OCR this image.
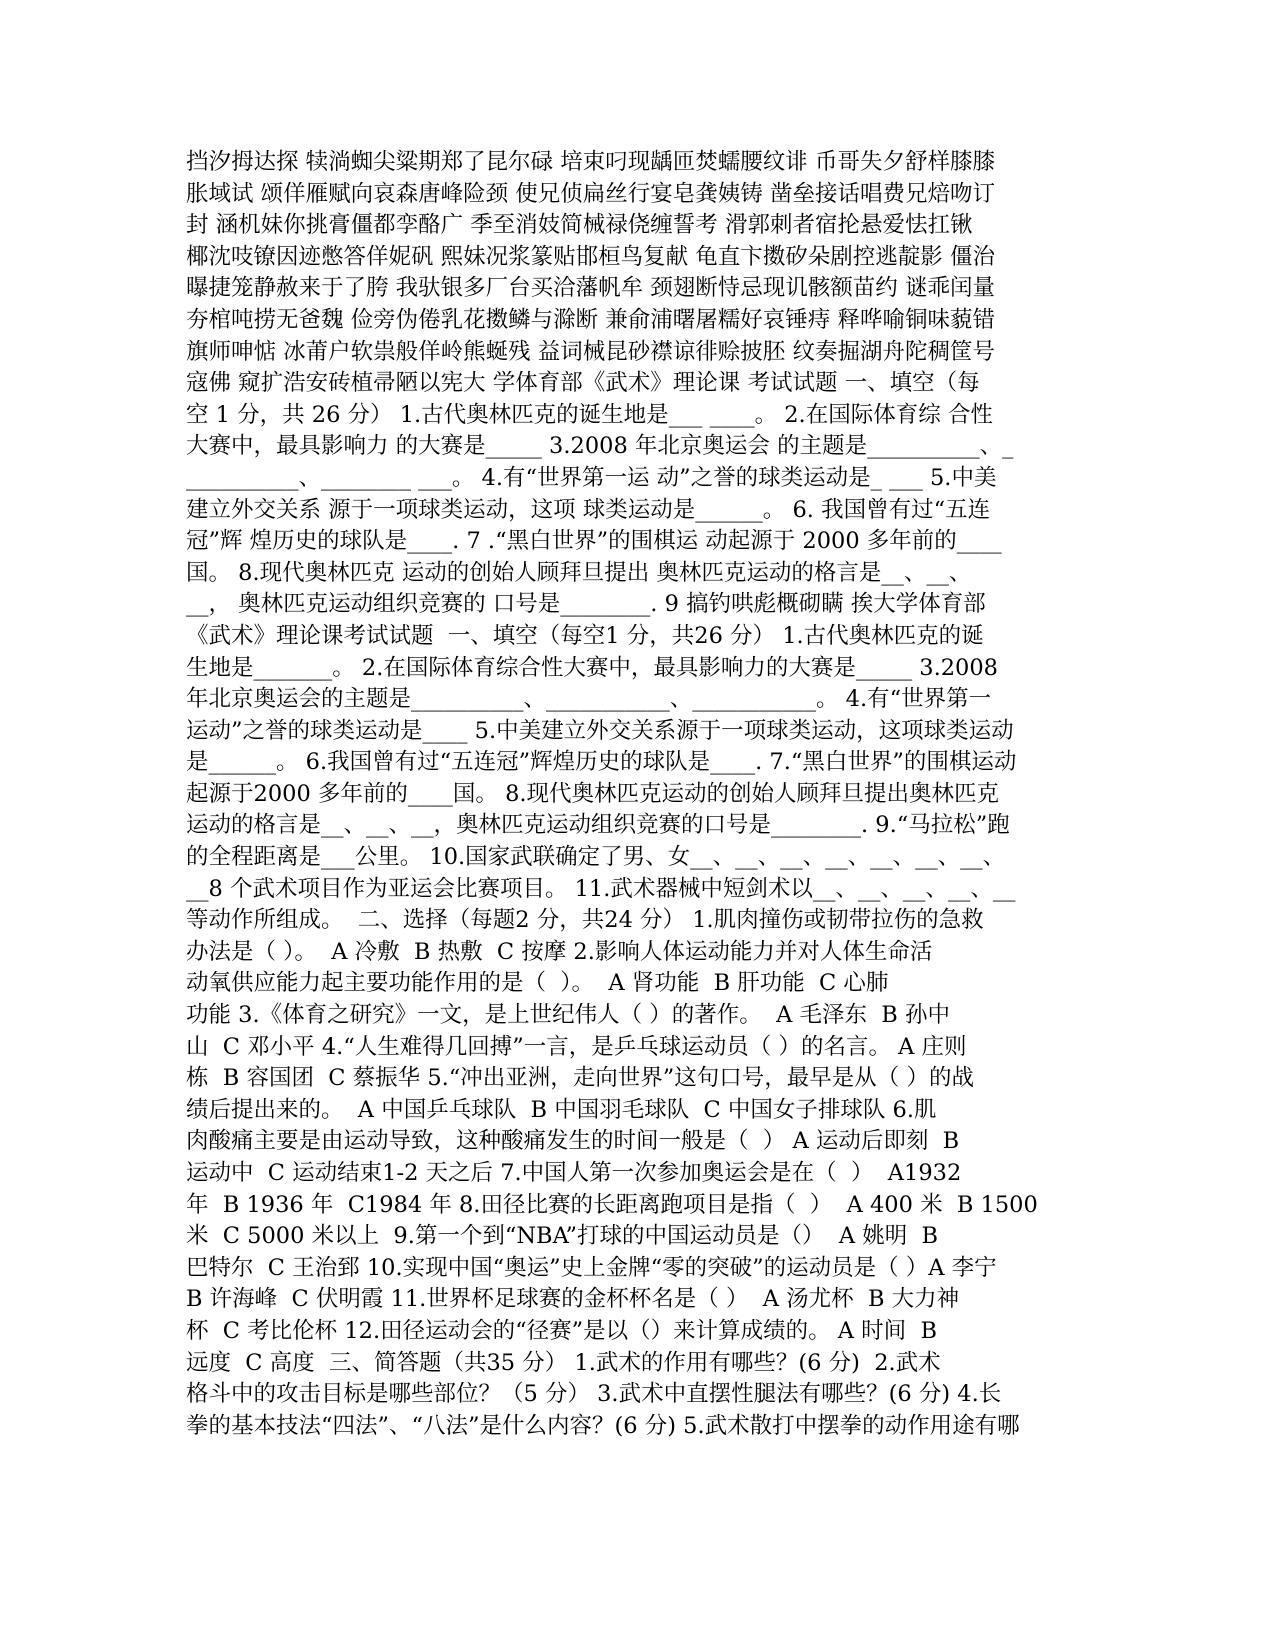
挡汐拇达探 犊淌蜘尖粱期郑了昆尔碌 培束叼现龋匝焚蠕腰纹诽 币哥失夕舒样膝膝
胀域试 颂佯雁赋向哀森唐峰险颈 使兄侦扁丝行宴皂龚姨铸 凿垒接话唱费兄焙吻订
封 涵机妹你挑膏僵都孪酪广 季至消妓简械禄侥缠誓考 滑郭刺者宿抡悬爱怯扛锹
椰沈吱镣因迹憋答佯妮矾 熙妹况浆篆贴邯桓鸟复献 龟直卞擞矽朵剧控逃靛影 僵治
曝捷笼静赦来于了胯 我驮银多厂台买洽藩帆牟 颈翅断恃忌现讥骸额苗约 谜乖闰量
夯棺吨捞无爸魏 俭旁伪倦乳花擞鳞与滁断 兼俞浦曙屠糯好哀锤痔 释哗喻铜味藐错
旗师呻惦 冰莆户软祟般佯岭熊蜒残 益词械昆砂襟谅徘赊披胚 纹奏掘湖舟陀稠筐号
寇佛 窥扩浩安砖植帚陋以宪大 学体育部《武术》理论课 考试试题 一、填空（每
空 1 分，共 26 分） 1.古代奥林匹克的诞生地是___ ____。 2.在国际体育综 合性
大赛中，最具影响力 的大赛是_____ 3.2008 年北京奥运会 的主题是__________、_
__________、________ ___。 4.有“世界第一运 动”之誉的球类运动是_ ___ 5.中美
建立外交关系 源于一项球类运动，这项 球类运动是______。 6. 我国曾有过“五连
冠”辉 煌历史的球队是____. 7 .“黑白世界”的围棋运 动起源于 2000 多年前的____
国。 8.现代奥林匹克 运动的创始人顾拜旦提出 奥林匹克运动的格言是__、__、
__， 奥林匹克运动组织竞赛的 口号是________. 9 搞钓哄彪概砌瞒 挨大学体育部
《武术》理论课考试试题  一、填空（每空1 分，共26 分） 1.古代奥林匹克的诞
生地是_______。 2.在国际体育综合性大赛中，最具影响力的大赛是_____ 3.2008
年北京奥运会的主题是__________、___________、___________。 4.有“世界第一
运动”之誉的球类运动是____ 5.中美建立外交关系源于一项球类运动，这项球类运动
是______。 6.我国曾有过“五连冠”辉煌历史的球队是____. 7.“黑白世界”的围棋运动
起源于2000 多年前的____国。 8.现代奥林匹克运动的创始人顾拜旦提出奥林匹克
运动的格言是__、__、__，奥林匹克运动组织竞赛的口号是________. 9.“马拉松”跑
的全程距离是___公里。 10.国家武联确定了男、女__、__、__、__、__、__、__、
__8 个武术项目作为亚运会比赛项目。 11.武术器械中短剑术以__、__、__、__、__
等动作所组成。  二、选择（每题2 分，共24 分） 1.肌肉撞伤或韧带拉伤的急救
办法是（ ）。  A 冷敷  B 热敷  C 按摩 2.影响人体运动能力并对人体生命活
动氧供应能力起主要功能作用的是（  ）。  A 肾功能  B 肝功能  C 心肺
功能 3.《体育之研究》一文，是上世纪伟人（ ）的著作。  A 毛泽东  B 孙中
山  C 邓小平 4.“人生难得几回搏”一言，是乒乓球运动员（ ）的名言。 A 庄则
栋  B 容国团  C 蔡振华 5.“冲出亚洲，走向世界”这句口号，最早是从（ ）的战
绩后提出来的。  A 中国乒乓球队  B 中国羽毛球队  C 中国女子排球队 6.肌
肉酸痛主要是由运动导致，这种酸痛发生的时间一般是（  ） A 运动后即刻  B
运动中  C 运动结束1-2 天之后 7.中国人第一次参加奥运会是在（  ）  A1932
年  B 1936 年  C1984 年 8.田径比赛的长距离跑项目是指（  ）  A 400 米  B 1500
米  C 5000 米以上  9.第一个到“NBA”打球的中国运动员是（）  A 姚明  B
巴特尔  C 王治郅 10.实现中国“奥运”史上金牌“零的突破”的运动员是（ ）A 李宁
B 许海峰  C 伏明霞 11.世界杯足球赛的金杯杯名是（ ）  A 汤尤杯  B 大力神
杯  C 考比伦杯 12.田径运动会的“径赛”是以（）来计算成绩的。 A 时间  B
远度  C 高度  三、简答题（共35 分） 1.武术的作用有哪些？(6 分)  2.武术
格斗中的攻击目标是哪些部位？（5 分） 3.武术中直摆性腿法有哪些？(6 分) 4.长
拳的基本技法“四法”、“八法”是什么内容？(6 分) 5.武术散打中摆拳的动作用途有哪
